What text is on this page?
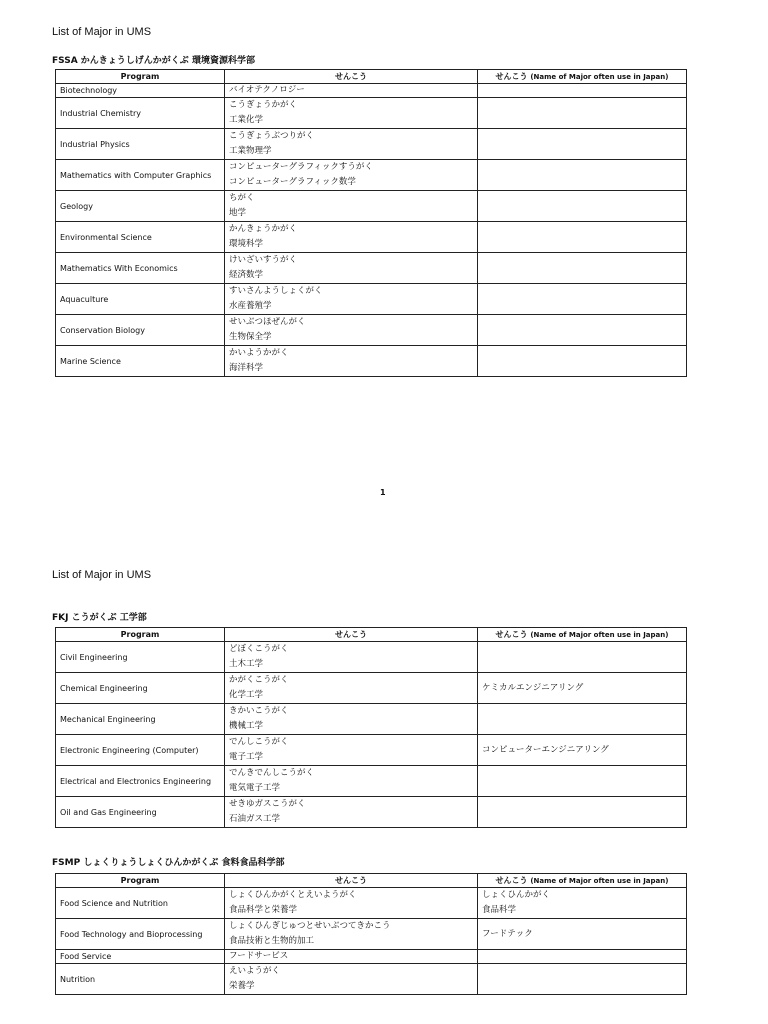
List of Major in UMS
FSSA かんきょうしげんかがくぶ 環境資源科学部
Program	せんこう	せんこう (Name of Major often use in Japan)
Biotechnology	バイオテクノロジー	

Industrial Chemistry	こうぎょうかがく
工業化学	

Industrial Physics	こうぎょうぶつりがく
工業物理学	

Mathematics with Computer Graphics	コンピューターグラフィックすうがく
コンピューターグラフィック数学	

Geology	ちがく
地学	

Environmental Science	かんきょうかがく
環境科学	

Mathematics With Economics	けいざいすうがく
経済数学	

Aquaculture	すいさんようしょくがく
水産養殖学	

Conservation Biology	せいぶつほぜんがく
生物保全学	

Marine Science	かいようかがく
海洋科学	

1
List of Major in UMS
FKJ こうがくぶ 工学部
Program	せんこう	せんこう (Name of Major often use in Japan)
Civil Engineering	どぼくこうがく
土木工学	

Chemical Engineering	かがくこうがく
化学工学	ケミカルエンジニアリング

Mechanical Engineering	きかいこうがく
機械工学	

Electronic Engineering (Computer)	でんしこうがく
電子工学	コンピューターエンジニアリング

Electrical and Electronics Engineering	でんきでんしこうがく
電気電子工学	

Oil and Gas Engineering	せきゆガスこうがく
石油ガス工学	

FSMP しょくりょうしょくひんかがくぶ 食料食品科学部
Program	せんこう	せんこう (Name of Major often use in Japan)
Food Science and Nutrition	しょくひんかがくとえいようがく
食品科学と栄養学	しょくひんかがく
食品科学

Food Technology and Bioprocessing	しょくひんぎじゅつとせいぶつてきかこう
食品技術と生物的加工	フードテック

Food Service	フードサービス	

Nutrition	えいようがく
栄養学	
